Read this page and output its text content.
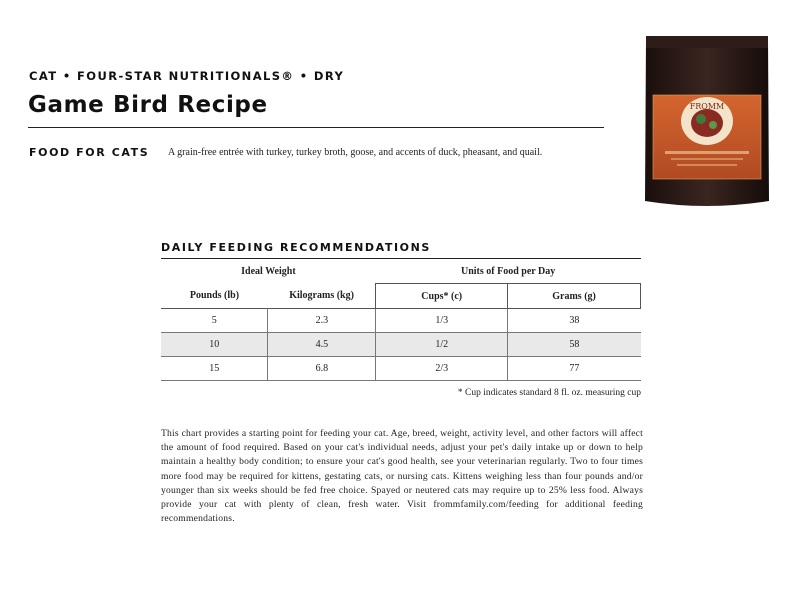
CAT • FOUR-STAR NUTRITIONALS® • DRY
Game Bird Recipe
FOOD FOR CATS A grain-free entrée with turkey, turkey broth, goose, and accents of duck, pheasant, and quail.
FROMM
DAILY FEEDING RECOMMENDATIONS
Ideal Weight		Units of Food per Day	
Pounds (lb)	Kilograms (kg)	Cups* (c)	Grams (g)
5	2.3	1/3	38
10	4.5	1/2	58
15	6.8	2/3	77
* Cup indicates standard 8 fl. oz. measuring cup
This chart provides a starting point for feeding your cat. Age, breed, weight, activity level, and other factors will affect the amount of food required. Based on your cat's individual needs, adjust your pet's daily intake up or down to help maintain a healthy body condition; to ensure your cat's good health, see your veterinarian regularly. Two to four times more food may be required for kittens, gestating cats, or nursing cats. Kittens weighing less than four pounds and/or younger than six weeks should be fed free choice. Spayed or neutered cats may require up to 25% less food. Always provide your cat with plenty of clean, fresh water. Visit frommfamily.com/feeding for additional feeding recommendations.
